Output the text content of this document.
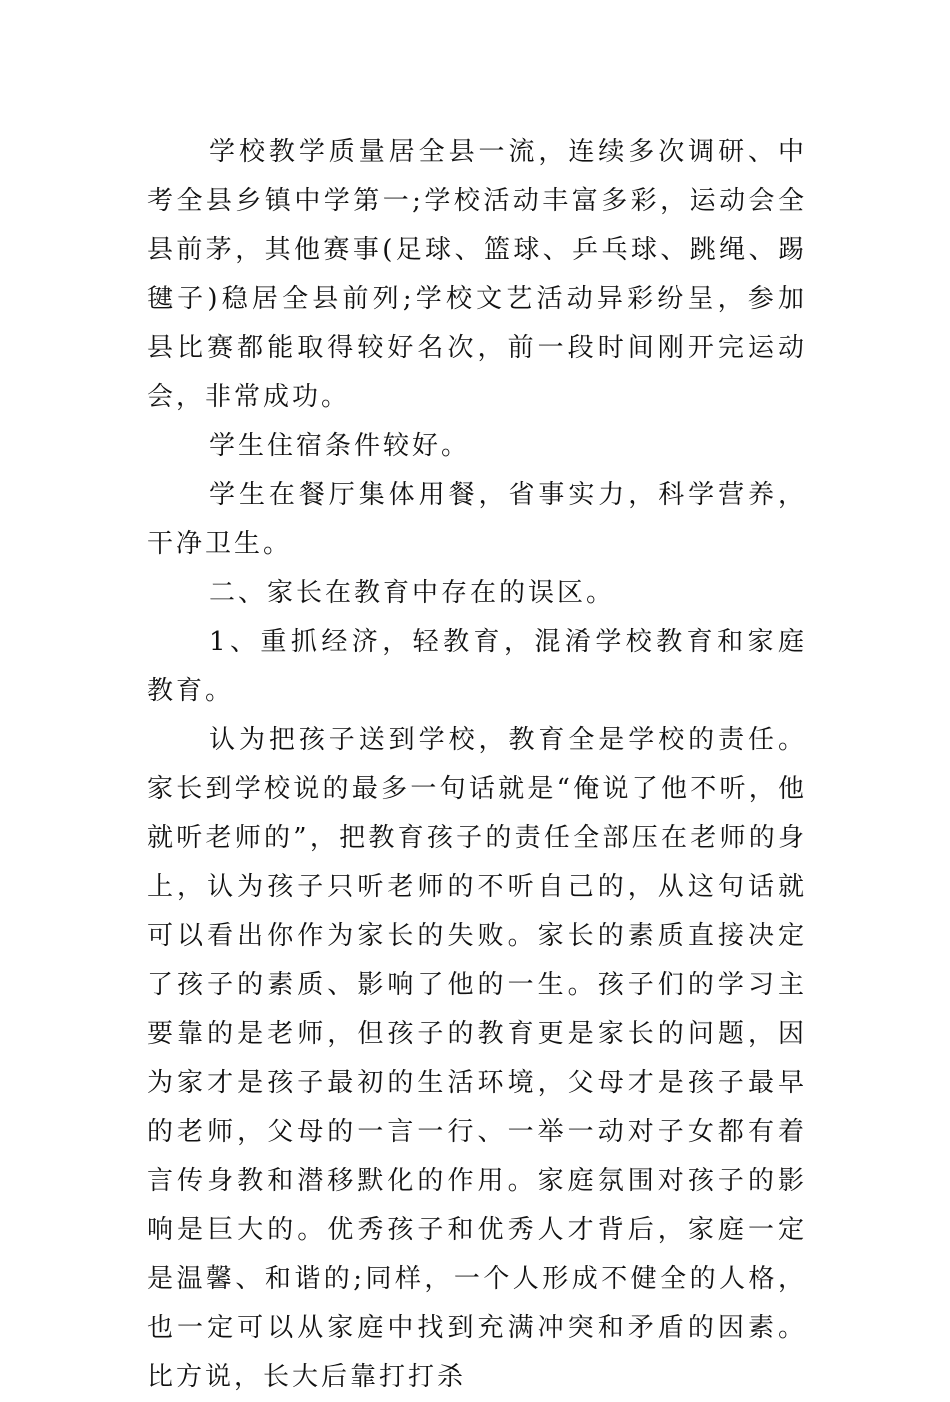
学校教学质量居全县一流，连续多次调研、中考全县乡镇中学第一;学校活动丰富多彩，运动会全县前茅，其他赛事(足球、篮球、乒乓球、跳绳、踢毽子)稳居全县前列;学校文艺活动异彩纷呈，参加县比赛都能取得较好名次，前一段时间刚开完运动会，非常成功。

学生住宿条件较好。

学生在餐厅集体用餐，省事实力，科学营养，干净卫生。

二、家长在教育中存在的误区。

1、重抓经济，轻教育，混淆学校教育和家庭教育。

认为把孩子送到学校，教育全是学校的责任。家长到学校说的最多一句话就是“俺说了他不听，他就听老师的”，把教育孩子的责任全部压在老师的身上，认为孩子只听老师的不听自己的，从这句话就可以看出你作为家长的失败。家长的素质直接决定了孩子的素质、影响了他的一生。孩子们的学习主要靠的是老师，但孩子的教育更是家长的问题，因为家才是孩子最初的生活环境，父母才是孩子最早的老师，父母的一言一行、一举一动对子女都有着言传身教和潜移默化的作用。家庭氛围对孩子的影响是巨大的。优秀孩子和优秀人才背后，家庭一定是温馨、和谐的;同样，一个人形成不健全的人格，也一定可以从家庭中找到充满冲突和矛盾的因素。比方说，长大后靠打打杀
